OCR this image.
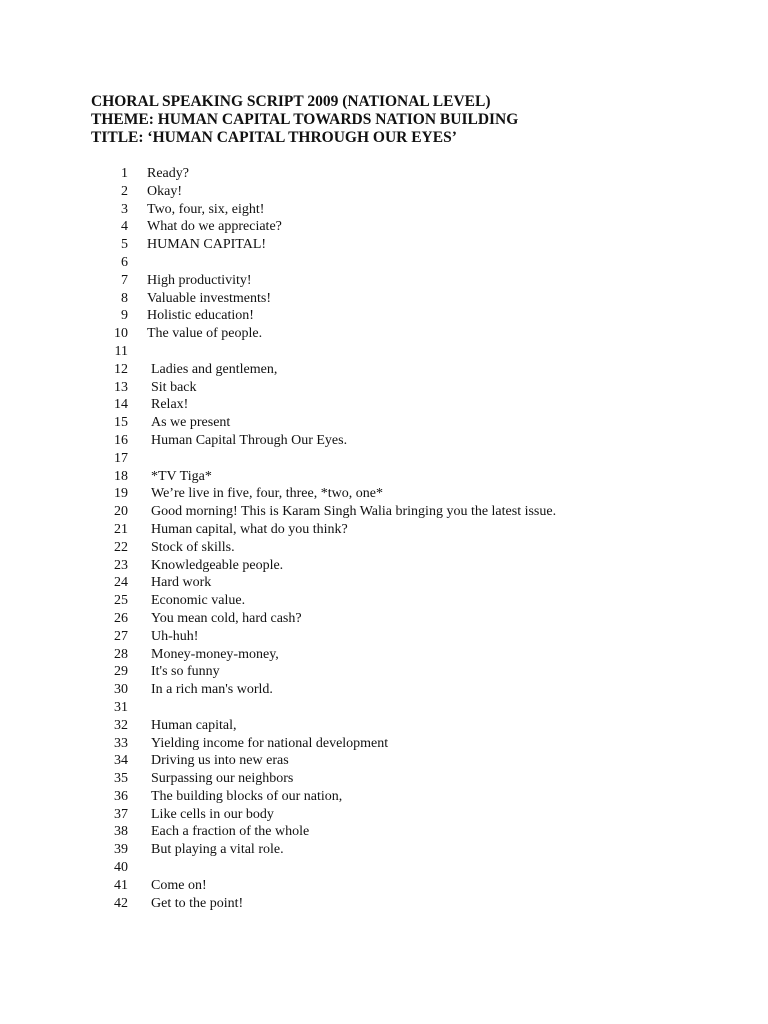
CHORAL SPEAKING SCRIPT 2009 (NATIONAL LEVEL)
THEME: HUMAN CAPITAL TOWARDS NATION BUILDING
TITLE: ‘HUMAN CAPITAL THROUGH OUR EYES’
1 Ready?
2 Okay!
3 Two, four, six, eight!
4 What do we appreciate?
5 HUMAN CAPITAL!
6
7 High productivity!
8 Valuable investments!
9 Holistic education!
10 The value of people.
11
12 Ladies and gentlemen,
13 Sit back
14 Relax!
15 As we present
16 Human Capital Through Our Eyes.
17
18 *TV Tiga*
19 We’re live in five, four, three, *two, one*
20 Good morning! This is Karam Singh Walia bringing you the latest issue.
21 Human capital, what do you think?
22 Stock of skills.
23 Knowledgeable people.
24 Hard work
25 Economic value.
26 You mean cold, hard cash?
27 Uh-huh!
28 Money-money-money,
29 It's so funny
30 In a rich man's world.
31
32 Human capital,
33 Yielding income for national development
34 Driving us into new eras
35 Surpassing our neighbors
36 The building blocks of our nation,
37 Like cells in our body
38 Each a fraction of the whole
39 But playing a vital role.
40
41 Come on!
42 Get to the point!
